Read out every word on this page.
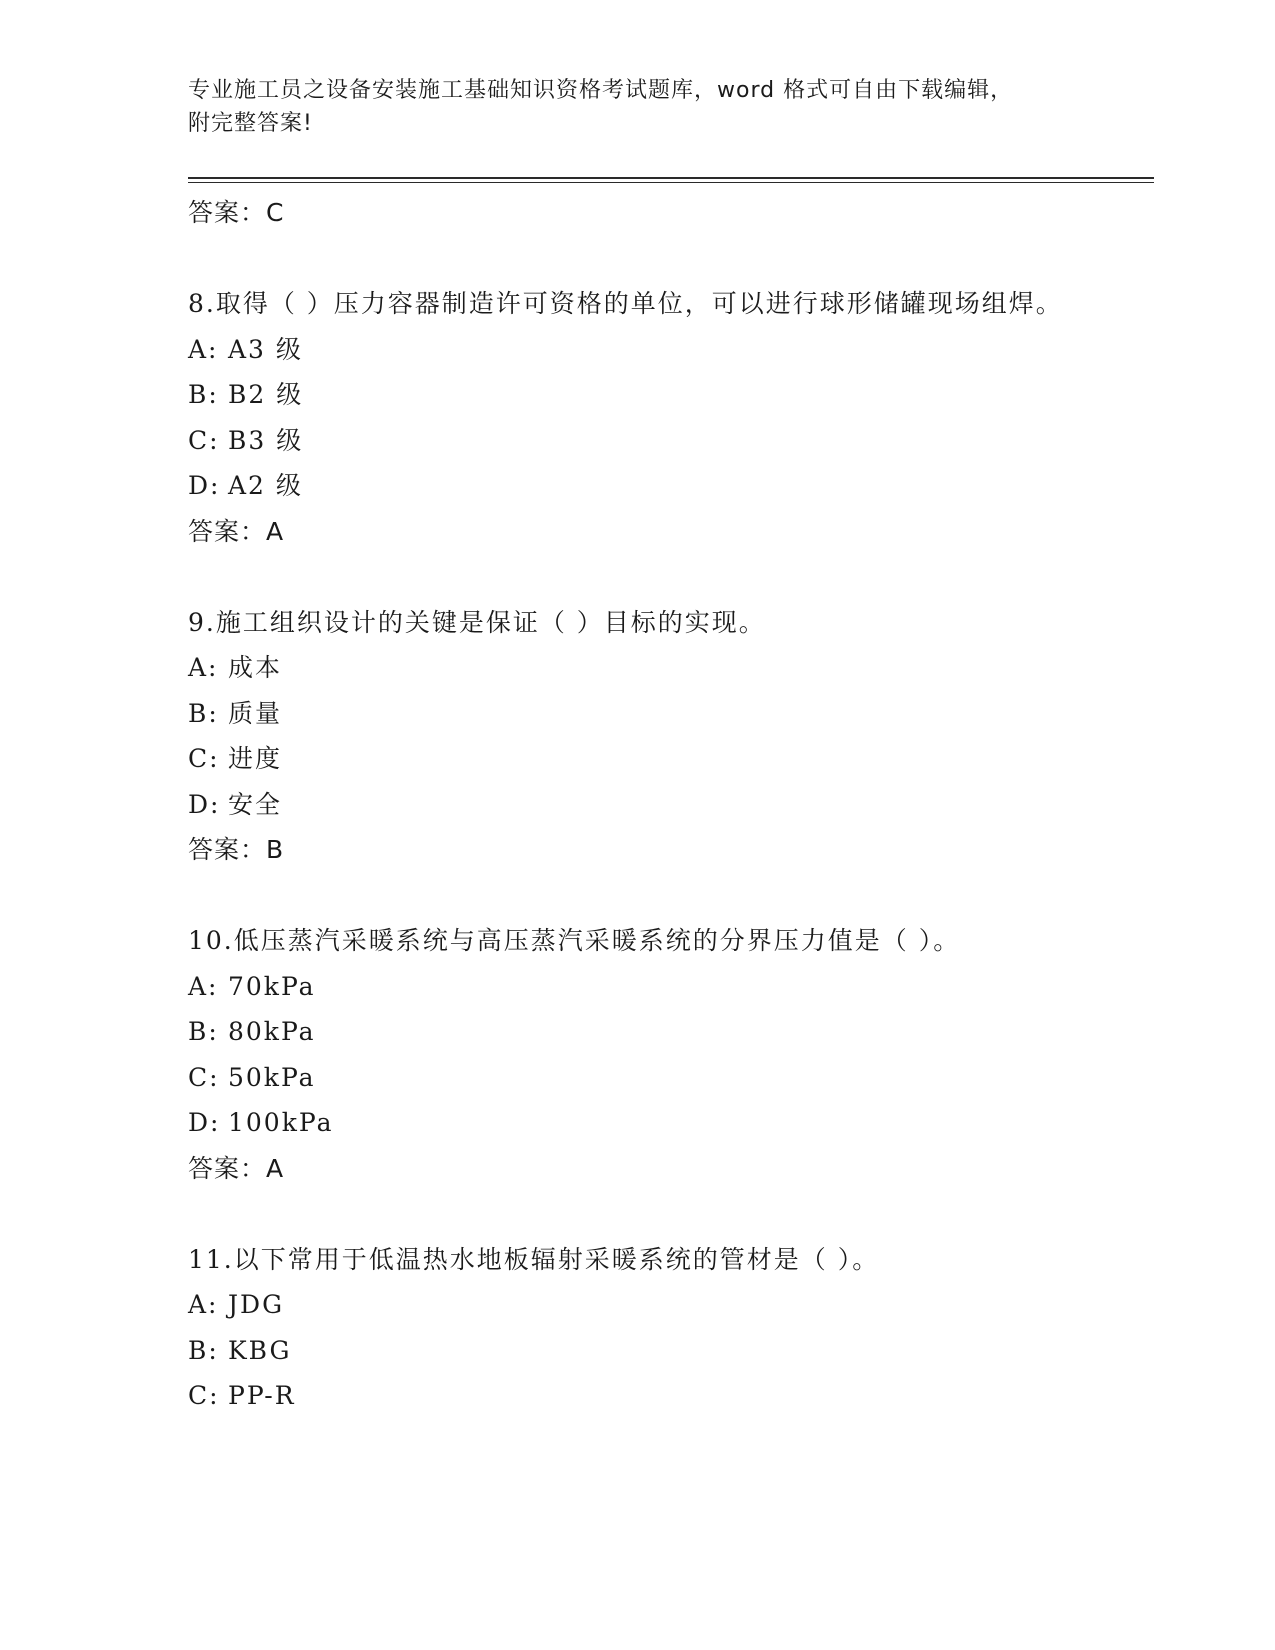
专业施工员之设备安装施工基础知识资格考试题库，word 格式可自由下载编辑，
附完整答案!

答案：C

8.取得（ ）压力容器制造许可资格的单位，可以进行球形储罐现场组焊。

A: A3 级

B: B2 级

C: B3 级

D: A2 级

答案：A

9.施工组织设计的关键是保证（ ）目标的实现。

A: 成本

B: 质量

C: 进度

D: 安全

答案：B

10.低压蒸汽采暖系统与高压蒸汽采暖系统的分界压力值是（ ）。

A: 70kPa

B: 80kPa

C: 50kPa

D: 100kPa

答案：A

11.以下常用于低温热水地板辐射采暖系统的管材是（ ）。

A: JDG

B: KBG

C: PP-R
